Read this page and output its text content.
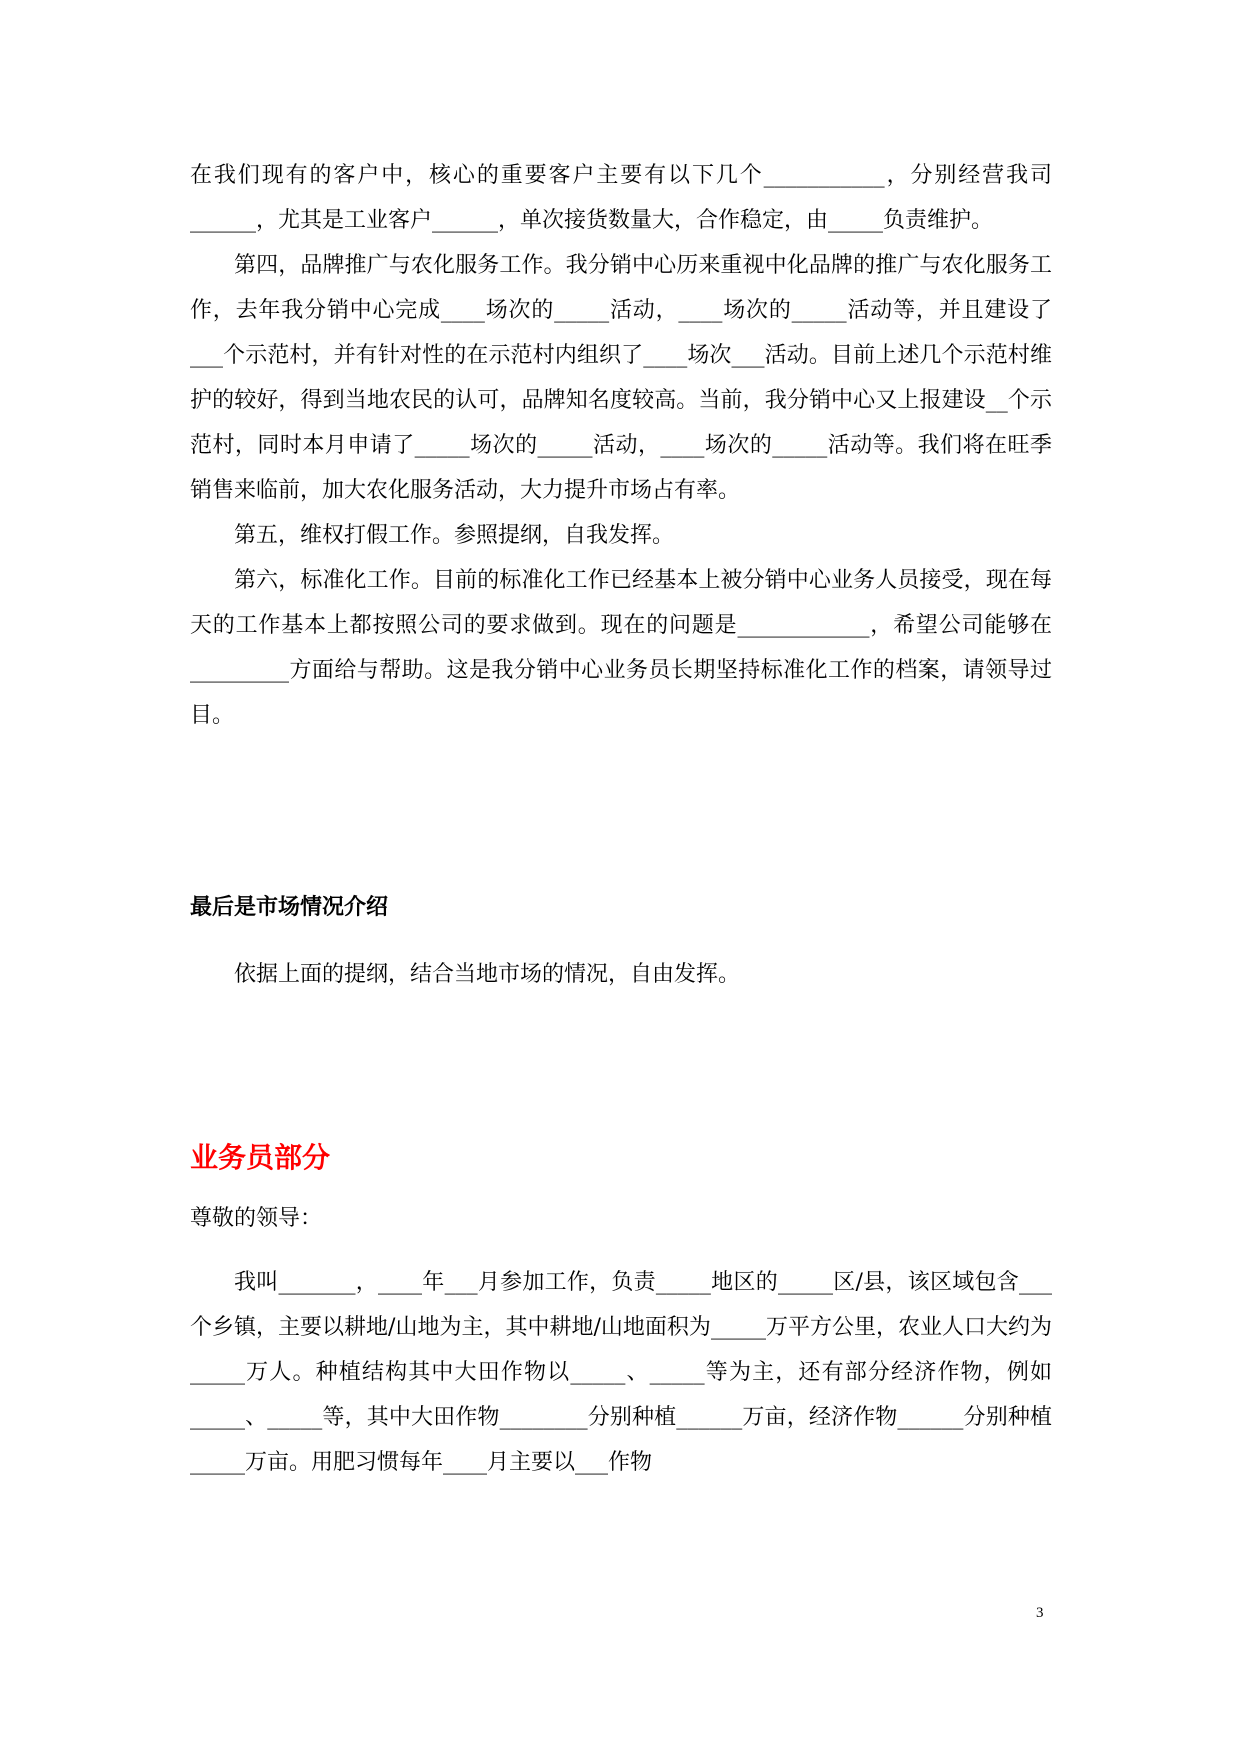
在我们现有的客户中，核心的重要客户主要有以下几个___________，分别经营我司______，尤其是工业客户______，单次接货数量大，合作稳定，由_____负责维护。

第四，品牌推广与农化服务工作。我分销中心历来重视中化品牌的推广与农化服务工作，去年我分销中心完成____场次的_____活动，____场次的_____活动等，并且建设了___个示范村，并有针对性的在示范村内组织了____场次___活动。目前上述几个示范村维护的较好，得到当地农民的认可，品牌知名度较高。当前，我分销中心又上报建设__个示范村，同时本月申请了_____场次的_____活动，____场次的_____活动等。我们将在旺季销售来临前，加大农化服务活动，大力提升市场占有率。

第五，维权打假工作。参照提纲，自我发挥。

第六，标准化工作。目前的标准化工作已经基本上被分销中心业务人员接受，现在每天的工作基本上都按照公司的要求做到。现在的问题是____________，希望公司能够在_________方面给与帮助。这是我分销中心业务员长期坚持标准化工作的档案，请领导过目。

最后是市场情况介绍

依据上面的提纲，结合当地市场的情况，自由发挥。

业务员部分

尊敬的领导：

我叫_______，____年___月参加工作，负责_____地区的_____区/县，该区域包含___个乡镇，主要以耕地/山地为主，其中耕地/山地面积为_____万平方公里，农业人口大约为_____万人。种植结构其中大田作物以_____、_____等为主，还有部分经济作物，例如_____、_____等，其中大田作物________分别种植______万亩，经济作物______分别种植_____万亩。用肥习惯每年____月主要以___作物

3
